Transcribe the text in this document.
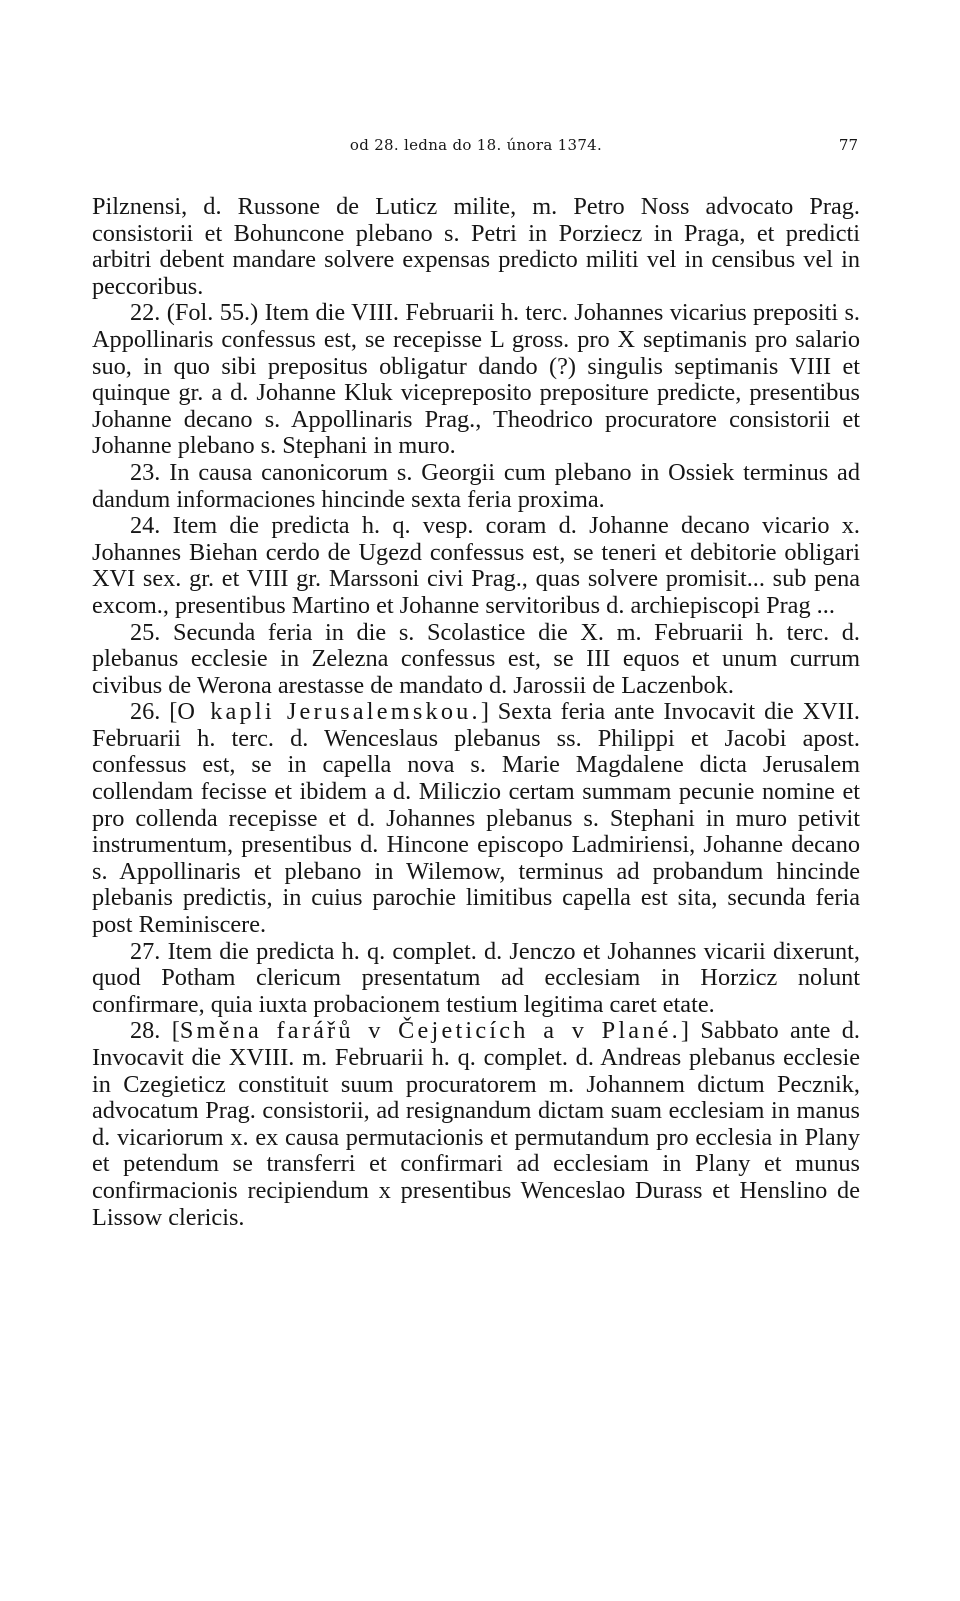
od 28. ledna do 18. února 1374.	77

Pilznensi, d. Russone de Luticz milite, m. Petro Noss advocato Prag. consistorii et Bohuncone plebano s. Petri in Porziecz in Praga, et predicti arbitri debent mandare solvere expensas predicto militi vel in censibus vel in peccoribus.

22. (Fol. 55.) Item die VIII. Februarii h. terc. Johannes vicarius prepositi s. Appollinaris confessus est, se recepisse L gross. pro X septimanis pro salario suo, in quo sibi prepositus obligatur dando (?) singulis septimanis VIII et quinque gr. a d. Johanne Kluk vicepreposito prepositure predicte, presentibus Johanne decano s. Appollinaris Prag., Theodrico procuratore consistorii et Johanne plebano s. Stephani in muro.

23. In causa canonicorum s. Georgii cum plebano in Ossiek terminus ad dandum informaciones hincinde sexta feria proxima.

24. Item die predicta h. q. vesp. coram d. Johanne decano vicario x. Johannes Biehan cerdo de Ugezd confessus est, se teneri et debitorie obligari XVI sex. gr. et VIII gr. Marssoni civi Prag., quas solvere promisit... sub pena excom., presentibus Martino et Johanne servitoribus d. archiepiscopi Prag ...

25. Secunda feria in die s. Scolastice die X. m. Februarii h. terc. d. plebanus ecclesie in Zelezna confessus est, se III equos et unum currum civibus de Werona arestasse de mandato d. Jarossii de Laczenbok.

26. [O kapli Jerusalemskou.] Sexta feria ante Invocavit die XVII. Februarii h. terc. d. Wenceslaus plebanus ss. Philippi et Jacobi apost. confessus est, se in capella nova s. Marie Magdalene dicta Jerusalem collendam fecisse et ibidem a d. Miliczio certam summam pecunie nomine et pro collenda recepisse et d. Johannes plebanus s. Stephani in muro petivit instrumentum, presentibus d. Hincone episcopo Ladmiriensi, Johanne decano s. Appollinaris et plebano in Wilemow, terminus ad probandum hincinde plebanis predictis, in cuius parochie limitibus capella est sita, secunda feria post Reminiscere.

27. Item die predicta h. q. complet. d. Jenczo et Johannes vicarii dixerunt, quod Potham clericum presentatum ad ecclesiam in Horzicz nolunt confirmare, quia iuxta probacionem testium legitima caret etate.

28. [Směna farářů v Čejeticích a v Plané.] Sabbato ante d. Invocavit die XVIII. m. Februarii h. q. complet. d. Andreas plebanus ecclesie in Czegieticz constituit suum procuratorem m. Johannem dictum Pecznik, advocatum Prag. consistorii, ad resignandum dictam suam ecclesiam in manus d. vicariorum x. ex causa permutacionis et permutandum pro ecclesia in Plany et petendum se transferri et confirmari ad ecclesiam in Plany et munus confirmacionis recipiendum x presentibus Wenceslao Durass et Henslino de Lissow clericis.
